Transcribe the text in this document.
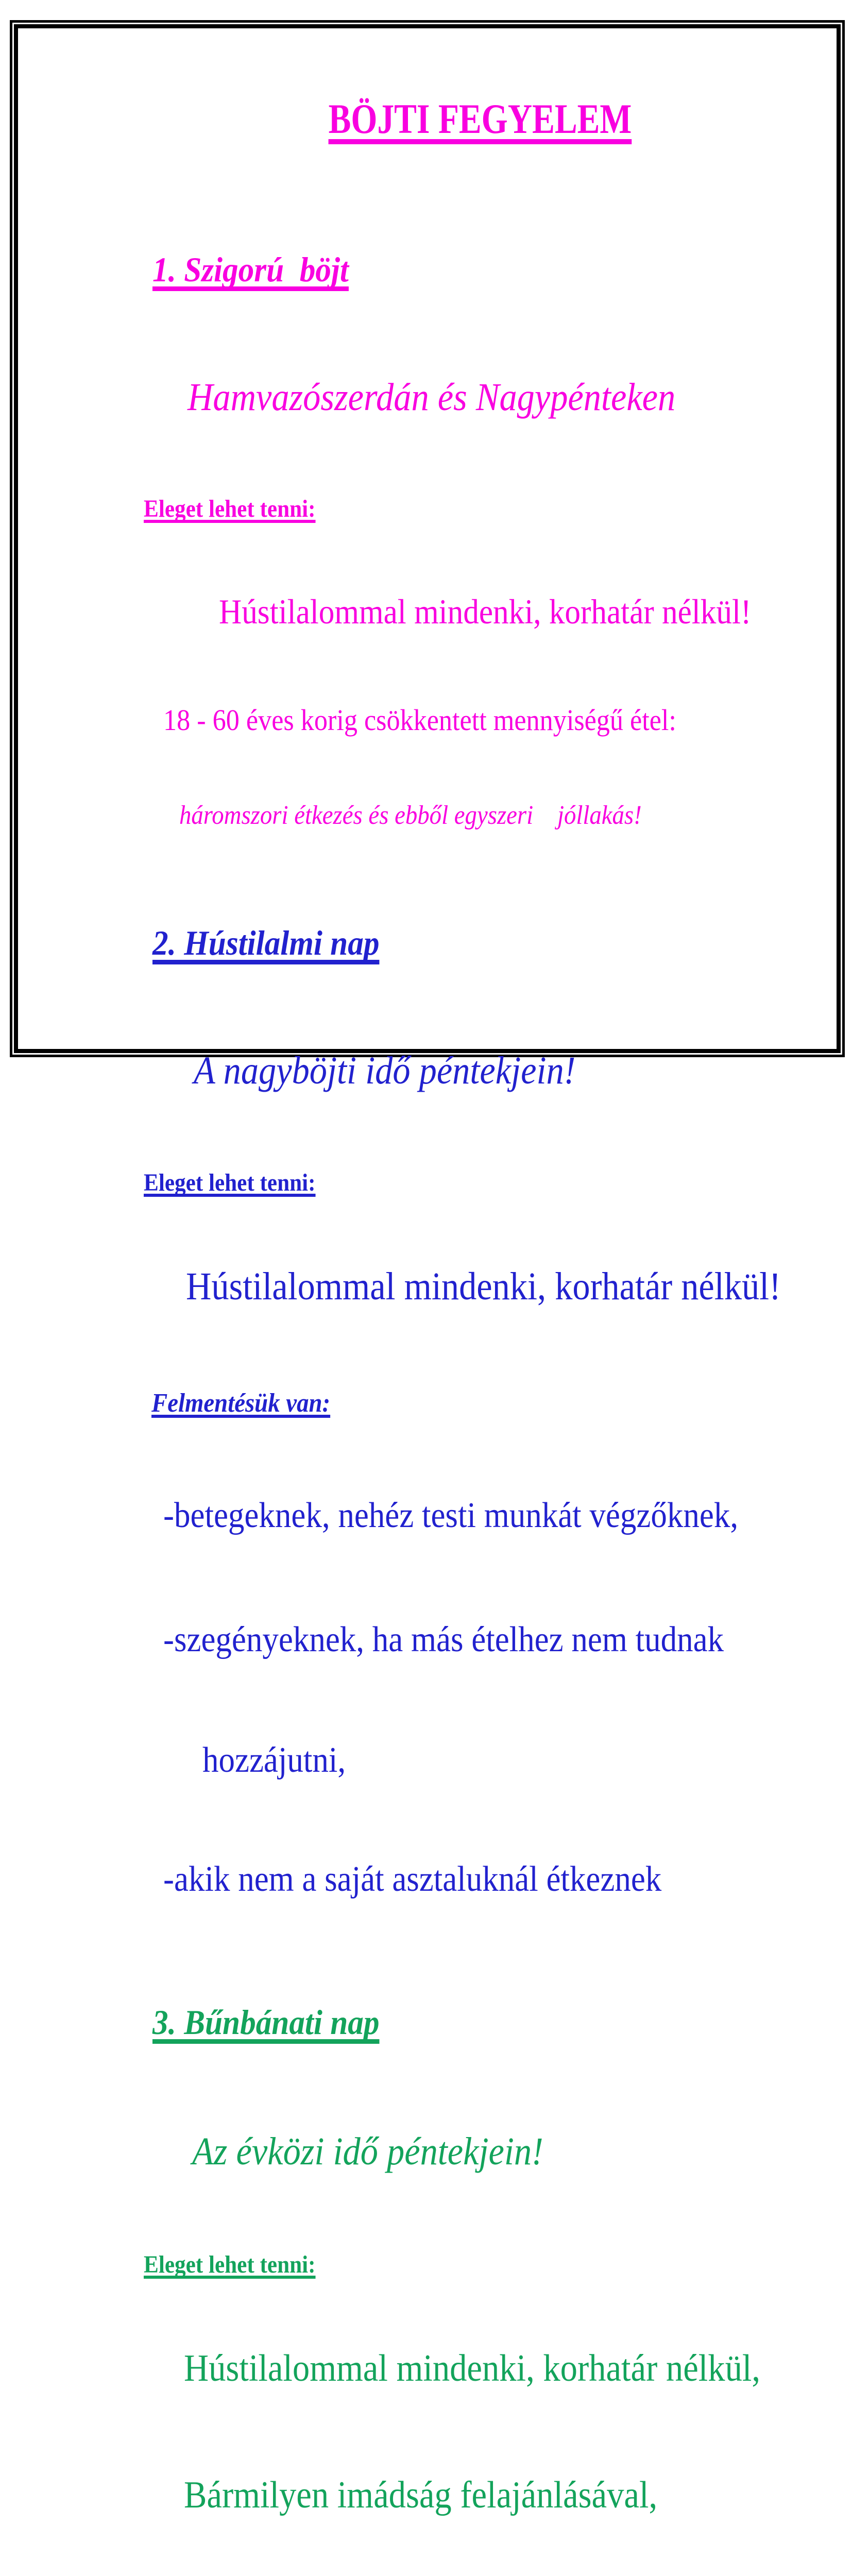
BÖJTI FEGYELEM

1. Szigorú  böjt

Hamvazószerdán és Nagypénteken

Eleget lehet tenni:

Hústilalommal mindenki, korhatár nélkül!

18 - 60 éves korig csökkentett mennyiségű étel:

háromszori étkezés és ebből egyszeri    jóllakás!

2. Hústilalmi nap

A nagyböjti idő péntekjein!

Eleget lehet tenni:

Hústilalommal mindenki, korhatár nélkül!

Felmentésük van:

-betegeknek, nehéz testi munkát végzőknek,

-szegényeknek, ha más ételhez nem tudnak

hozzájutni,

-akik nem a saját asztaluknál étkeznek

3. Bűnbánati nap

Az évközi idő péntekjein!

Eleget lehet tenni:

Hústilalommal mindenki, korhatár nélkül,

Bármilyen imádság felajánlásával,
